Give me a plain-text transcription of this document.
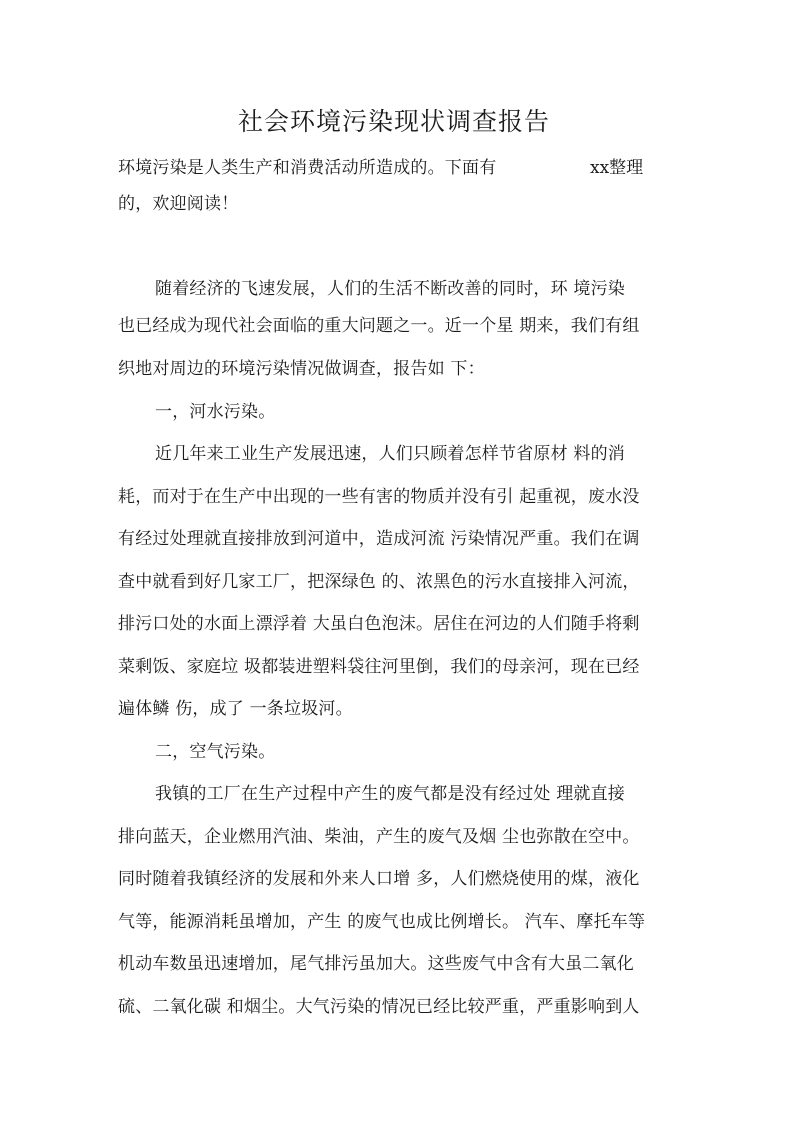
社会环境污染现状调查报告
环境污染是人类生产和消费活动所造成的。下面有	xx整理
的，欢迎阅读！
随着经济的飞速发展，人们的生活不断改善的同时，环 境污染
也已经成为现代社会面临的重大问题之一。近一个星 期来，我们有组
织地对周边的环境污染情况做调查，报告如 下：
一，河水污染。
近几年来工业生产发展迅速，人们只顾着怎样节省原材 料的消
耗，而对于在生产中出现的一些有害的物质并没有引 起重视，废水没
有经过处理就直接排放到河道中，造成河流 污染情况严重。我们在调
查中就看到好几家工厂，把深绿色 的、浓黑色的污水直接排入河流，
排污口处的水面上漂浮着 大虽白色泡沫。居住在河边的人们随手将剩
菜剩饭、家庭垃 圾都装进塑料袋往河里倒，我们的母亲河，现在已经
遍体鳞 伤，成了 一条垃圾河。
二，空气污染。
我镇的工厂在生产过程中产生的废气都是没有经过处 理就直接
排向蓝天，企业燃用汽油、柴油，产生的废气及烟 尘也弥散在空中。
同时随着我镇经济的发展和外来人口增 多，人们燃烧使用的煤，液化
气等，能源消耗虽增加，产生 的废气也成比例增长。 汽车、摩托车等
机动车数虽迅速增加，尾气排污虽加大。这些废气中含有大虽二氧化
硫、二氧化碳 和烟尘。大气污染的情况已经比较严重，严重影响到人
